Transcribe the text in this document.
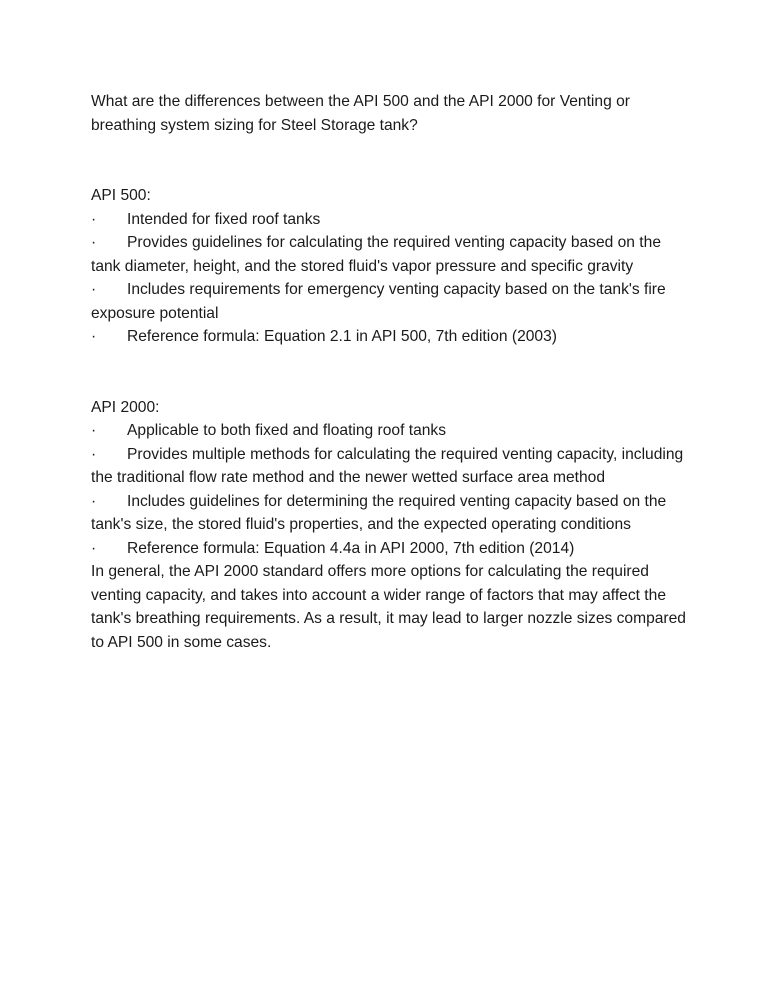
What are the differences between the API 500 and the API 2000 for Venting or breathing system sizing for Steel Storage tank?

API 500:

· Intended for fixed roof tanks

· Provides guidelines for calculating the required venting capacity based on the tank diameter, height, and the stored fluid's vapor pressure and specific gravity

· Includes requirements for emergency venting capacity based on the tank's fire exposure potential

· Reference formula: Equation 2.1 in API 500, 7th edition (2003)

API 2000:

· Applicable to both fixed and floating roof tanks

· Provides multiple methods for calculating the required venting capacity, including the traditional flow rate method and the newer wetted surface area method

· Includes guidelines for determining the required venting capacity based on the tank's size, the stored fluid's properties, and the expected operating conditions

· Reference formula: Equation 4.4a in API 2000, 7th edition (2014)

In general, the API 2000 standard offers more options for calculating the required venting capacity, and takes into account a wider range of factors that may affect the tank's breathing requirements. As a result, it may lead to larger nozzle sizes compared to API 500 in some cases.
